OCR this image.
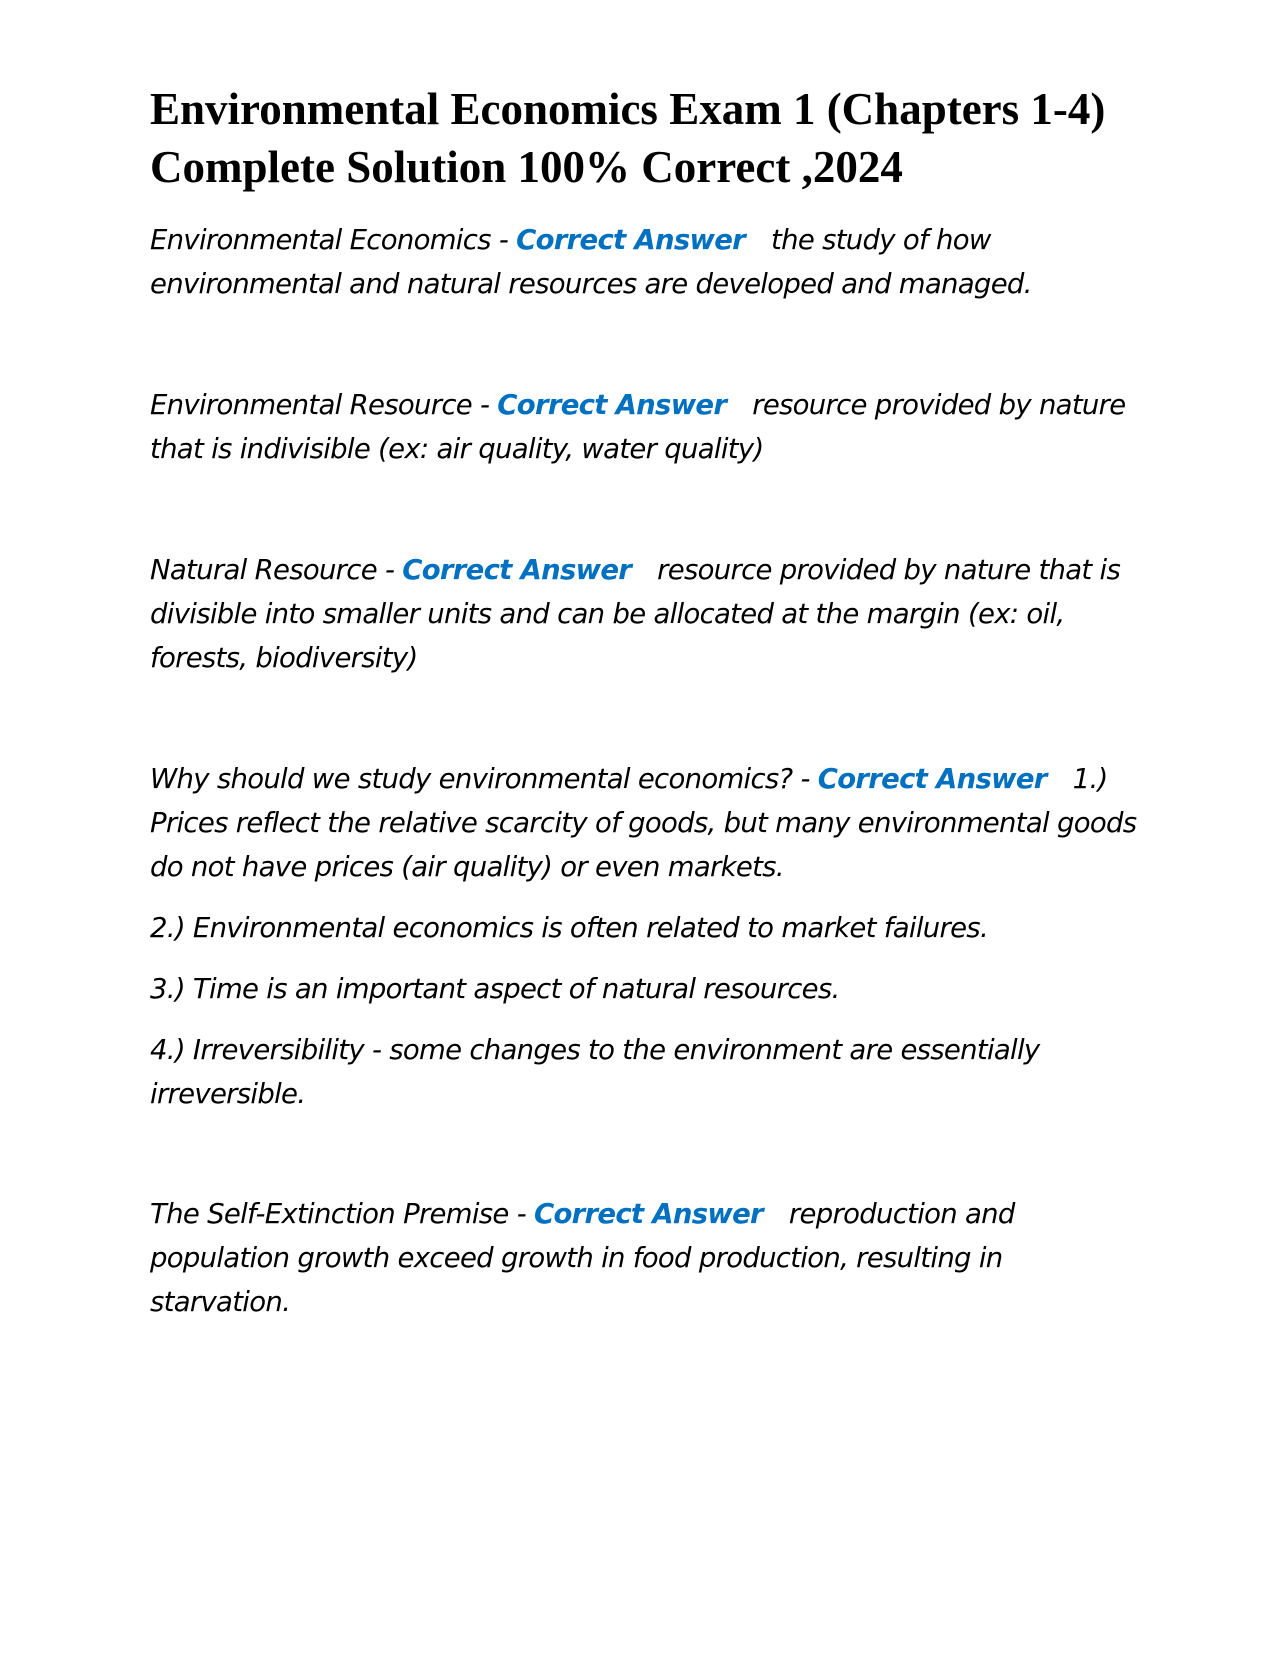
Environmental Economics Exam 1 (Chapters 1-4) Complete Solution 100% Correct ,2024

Environmental Economics - Correct Answer the study of how environmental and natural resources are developed and managed.

Environmental Resource - Correct Answer resource provided by nature that is indivisible (ex: air quality, water quality)

Natural Resource - Correct Answer resource provided by nature that is divisible into smaller units and can be allocated at the margin (ex: oil, forests, biodiversity)

Why should we study environmental economics? - Correct Answer 1.) Prices reflect the relative scarcity of goods, but many environmental goods do not have prices (air quality) or even markets.

2.) Environmental economics is often related to market failures.

3.) Time is an important aspect of natural resources.

4.) Irreversibility - some changes to the environment are essentially irreversible.

The Self-Extinction Premise - Correct Answer reproduction and population growth exceed growth in food production, resulting in starvation.
